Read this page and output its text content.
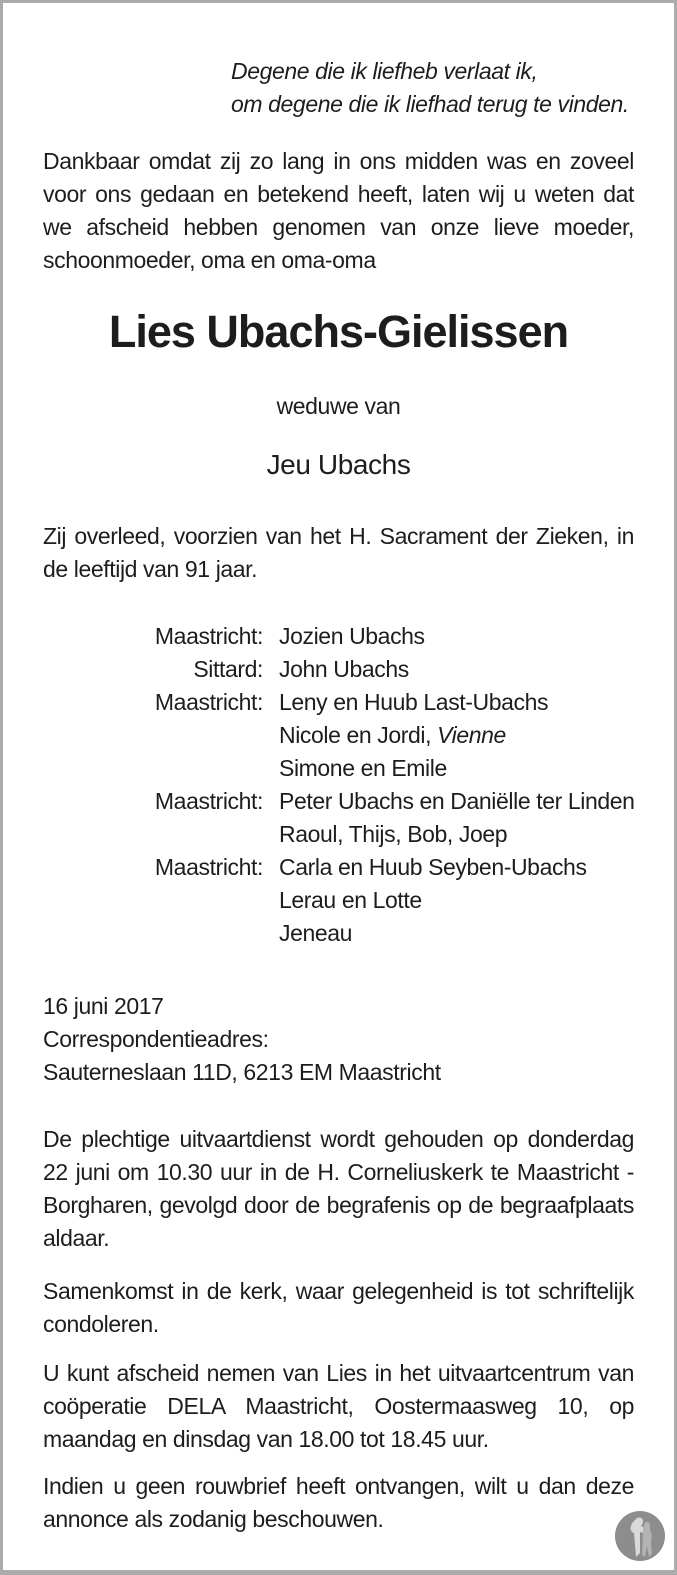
Degene die ik liefheb verlaat ik,
om degene die ik liefhad terug te vinden.

Dankbaar omdat zij zo lang in ons midden was en zoveel voor ons gedaan en betekend heeft, laten wij u weten dat we afscheid hebben genomen van onze lieve moeder, schoonmoeder, oma en oma-oma

Lies Ubachs-Gielissen
weduwe van
Jeu Ubachs

Zij overleed, voorzien van het H. Sacrament der Zieken, in de leeftijd van 91 jaar.

Maastricht: Jozien Ubachs
Sittard: John Ubachs
Maastricht: Leny en Huub Last-Ubachs
Nicole en Jordi, Vienne
Simone en Emile
Maastricht: Peter Ubachs en Daniëlle ter Linden
Raoul, Thijs, Bob, Joep
Maastricht: Carla en Huub Seyben-Ubachs
Lerau en Lotte
Jeneau
16 juni 2017
Correspondentieadres:
Sauterneslaan 11D, 6213 EM Maastricht

De plechtige uitvaartdienst wordt gehouden op donderdag 22 juni om 10.30 uur in de H. Corneliuskerk te Maastricht - Borgharen, gevolgd door de begrafenis op de begraafplaats aldaar.

Samenkomst in de kerk, waar gelegenheid is tot schriftelijk condoleren.

U kunt afscheid nemen van Lies in het uitvaartcentrum van coöperatie DELA Maastricht, Oostermaasweg 10, op maandag en dinsdag van 18.00 tot 18.45 uur.

Indien u geen rouwbrief heeft ontvangen, wilt u dan deze annonce als zodanig beschouwen.
